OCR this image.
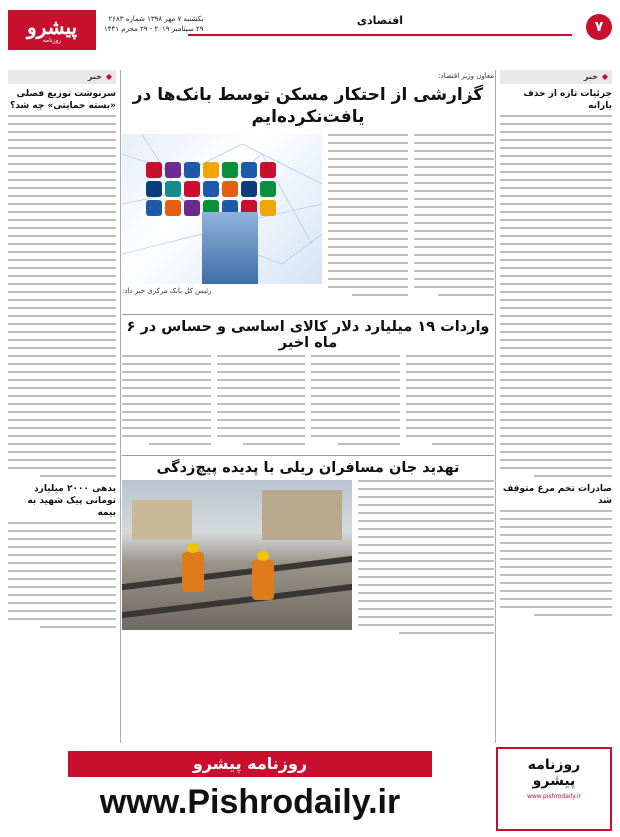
۷
اقتصادی
یکشنبه ۷ مهر ۱۳۹۸ شماره ۲۶۸۳
۲۹ سپتامبر ۲۰۱۹ - ۲۹ محرم ۱۴۴۱
پیشرو
روزنامه
◆خبر
جزئیات تازه از حذف یارانه
صادرات تخم مرغ متوقف شد
◆خبر
سرنوشت توزیع فصلی «بسته حمایتی» چه شد؟
بدهی ۲۰۰۰ میلیارد تومانی پیک شهید به بیمه
معاون وزیر اقتصاد:
گزارشی از احتکار مسکن توسط بانک‌ها در یافت‌نکرده‌ایم
رئیس کل بانک مرکزی خبر داد:
واردات ۱۹ میلیارد دلار کالای اساسی و حساس در ۶ ماه اخیر
تهدید جان مسافران ریلی با پدیده پیچ‌زدگی
روزنامه
پیشرو
www.pishrodaily.ir
روزنامه پیشرو
www.Pishrodaily.ir
